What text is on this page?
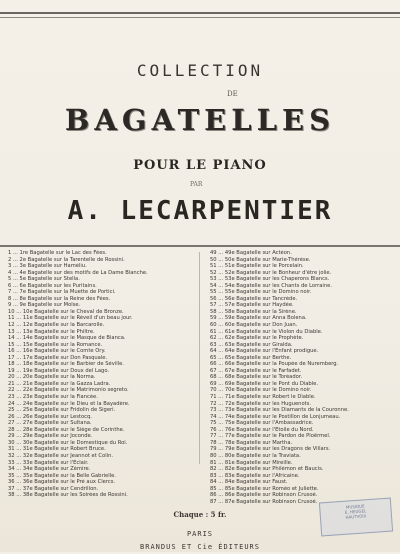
COLLECTION
DE
BAGATELLES
POUR LE PIANO
PAR
A. LECARPENTIER
1 ... 1re Bagatelle sur le Lac des Fées.
2 ... 2e Bagatelle sur la Tarentelle de Rossini.
3 ... 3e Bagatelle sur Haméliu.
4 ... 4e Bagatelle sur des motifs de La Dame Blanche.
5 ... 5e Bagatelle sur Stella.
6 ... 6e Bagatelle sur les Puritains.
7 ... 7e Bagatelle sur la Muette de Portici.
8 ... 8e Bagatelle sur la Reine des Fées.
9 ... 9e Bagatelle sur Moïse.
10 ... 10e Bagatelle sur le Cheval de Bronze.
11 ... 11e Bagatelle sur le Réveil d'un beau jour.
12 ... 12e Bagatelle sur la Barcarolle.
13 ... 13e Bagatelle sur le Philtre.
14 ... 14e Bagatelle sur le Masque de Bianca.
15 ... 15e Bagatelle sur la Romance.
16 ... 16e Bagatelle sur le Comte Ory.
17 ... 17e Bagatelle sur Don Pasquale.
18 ... 18e Bagatelle sur le Barbier de Séville.
19 ... 19e Bagatelle sur Doux del Lago.
20 ... 20e Bagatelle sur la Norma.
21 ... 21e Bagatelle sur la Gazza Ladra.
22 ... 22e Bagatelle sur le Matrimonio segreto.
23 ... 23e Bagatelle sur la Fiancée.
24 ... 24e Bagatelle sur le Dieu et la Bayadère.
25 ... 25e Bagatelle sur Fridolin de Sigeri.
26 ... 26e Bagatelle sur Lestocq.
27 ... 27e Bagatelle sur Sultana.
28 ... 28e Bagatelle sur le Siège de Corinthe.
29 ... 29e Bagatelle sur Joconde.
30 ... 30e Bagatelle sur le Domestique du Roi.
31 ... 31e Bagatelle sur Robert Bruce.
32 ... 32e Bagatelle sur Jeannot et Colin.
33 ... 33e Bagatelle sur l'Éclair.
34 ... 34e Bagatelle sur Zémire.
35 ... 35e Bagatelle sur la Belle Gabrielle.
36 ... 36e Bagatelle sur le Pré aux Clercs.
37 ... 37e Bagatelle sur Cendrillon.
38 ... 38e Bagatelle sur les Soirées de Rossini.
49 ... 49e Bagatelle sur Actéon.
50 ... 50e Bagatelle sur Marie-Thérèse.
51 ... 51e Bagatelle sur le Porcelain.
52 ... 52e Bagatelle sur le Bonheur d'être jolie.
53 ... 53e Bagatelle sur les Chaperons Blancs.
54 ... 54e Bagatelle sur les Chants de Lorraine.
55 ... 55e Bagatelle sur le Domino noir.
56 ... 56e Bagatelle sur Tancrède.
57 ... 57e Bagatelle sur Haydée.
58 ... 58e Bagatelle sur la Sirène.
59 ... 59e Bagatelle sur Anna Bolena.
60 ... 60e Bagatelle sur Don Juan.
61 ... 61e Bagatelle sur le Violon du Diable.
62 ... 62e Bagatelle sur le Prophète.
63 ... 63e Bagatelle sur Giralda.
64 ... 64e Bagatelle sur l'Enfant prodigue.
65 ... 65e Bagatelle sur Berthe.
66 ... 66e Bagatelle sur la Poupée de Nuremberg.
67 ... 67e Bagatelle sur le Farfadet.
68 ... 68e Bagatelle sur le Toréador.
69 ... 69e Bagatelle sur le Pont du Diable.
70 ... 70e Bagatelle sur le Domino noir.
71 ... 71e Bagatelle sur Robert le Diable.
72 ... 72e Bagatelle sur les Huguenots.
73 ... 73e Bagatelle sur les Diamants de la Couronne.
74 ... 74e Bagatelle sur le Postillon de Lonjumeau.
75 ... 75e Bagatelle sur l'Ambassadrice.
76 ... 76e Bagatelle sur l'Étoile du Nord.
77 ... 77e Bagatelle sur le Pardon de Ploërmel.
78 ... 78e Bagatelle sur Martha.
79 ... 79e Bagatelle sur les Dragons de Villars.
80 ... 80e Bagatelle sur la Traviata.
81 ... 81e Bagatelle sur Mireille.
82 ... 82e Bagatelle sur Philémon et Baucis.
83 ... 83e Bagatelle sur l'Africaine.
84 ... 84e Bagatelle sur Faust.
85 ... 85e Bagatelle sur Roméo et Juliette.
86 ... 86e Bagatelle sur Robinson Crusoé.
87 ... 87e Bagatelle sur Robinson Crusoé.
Chaque : 5 fr.
PARIS
BRANDUS ET Cie ÉDITEURS
MUSIQUE
E. HEUGEL
HAUTVOIX
